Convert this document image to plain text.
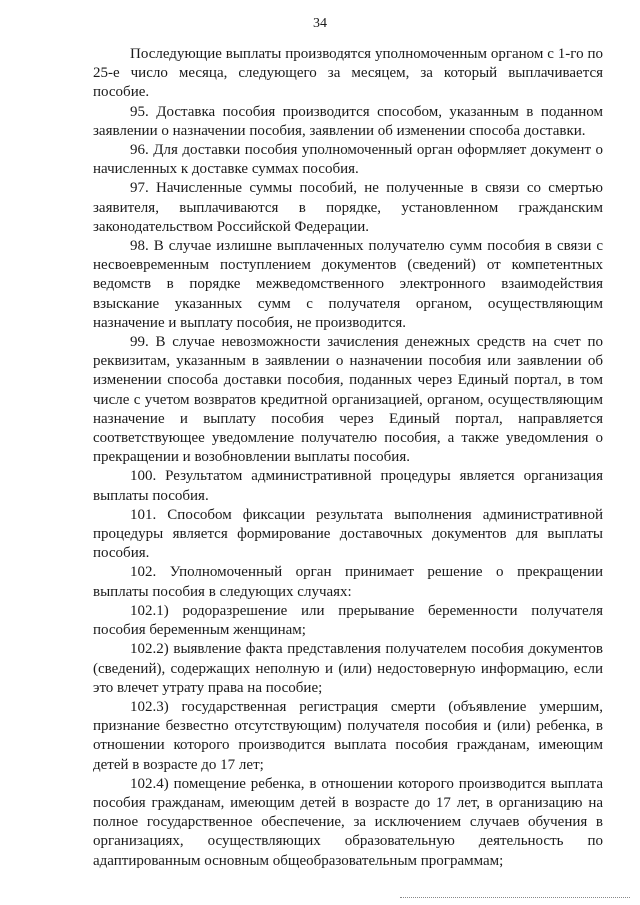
34

Последующие выплаты производятся уполномоченным органом с 1-го по 25-е число месяца, следующего за месяцем, за который выплачивается пособие.

95. Доставка пособия производится способом, указанным в поданном заявлении о назначении пособия, заявлении об изменении способа доставки.

96. Для доставки пособия уполномоченный орган оформляет документ о начисленных к доставке суммах пособия.

97. Начисленные суммы пособий, не полученные в связи со смертью заявителя, выплачиваются в порядке, установленном гражданским законодательством Российской Федерации.

98. В случае излишне выплаченных получателю сумм пособия в связи с несвоевременным поступлением документов (сведений) от компетентных ведомств в порядке межведомственного электронного взаимодействия взыскание указанных сумм с получателя органом, осуществляющим назначение и выплату пособия, не производится.

99. В случае невозможности зачисления денежных средств на счет по реквизитам, указанным в заявлении о назначении пособия или заявлении об изменении способа доставки пособия, поданных через Единый портал, в том числе с учетом возвратов кредитной организацией, органом, осуществляющим назначение и выплату пособия через Единый портал, направляется соответствующее уведомление получателю пособия, а также уведомления о прекращении и возобновлении выплаты пособия.

100. Результатом административной процедуры является организация выплаты пособия.

101. Способом фиксации результата выполнения административной процедуры является формирование доставочных документов для выплаты пособия.

102. Уполномоченный орган принимает решение о прекращении выплаты пособия в следующих случаях:

102.1) родоразрешение или прерывание беременности получателя пособия беременным женщинам;

102.2) выявление факта представления получателем пособия документов (сведений), содержащих неполную и (или) недостоверную информацию, если это влечет утрату права на пособие;

102.3) государственная регистрация смерти (объявление умершим, признание безвестно отсутствующим) получателя пособия и (или) ребенка, в отношении которого производится выплата пособия гражданам, имеющим детей в возрасте до 17 лет;

102.4) помещение ребенка, в отношении которого производится выплата пособия гражданам, имеющим детей в возрасте до 17 лет, в организацию на полное государственное обеспечение, за исключением случаев обучения в организациях, осуществляющих образовательную деятельность по адаптированным основным общеобразовательным программам;
